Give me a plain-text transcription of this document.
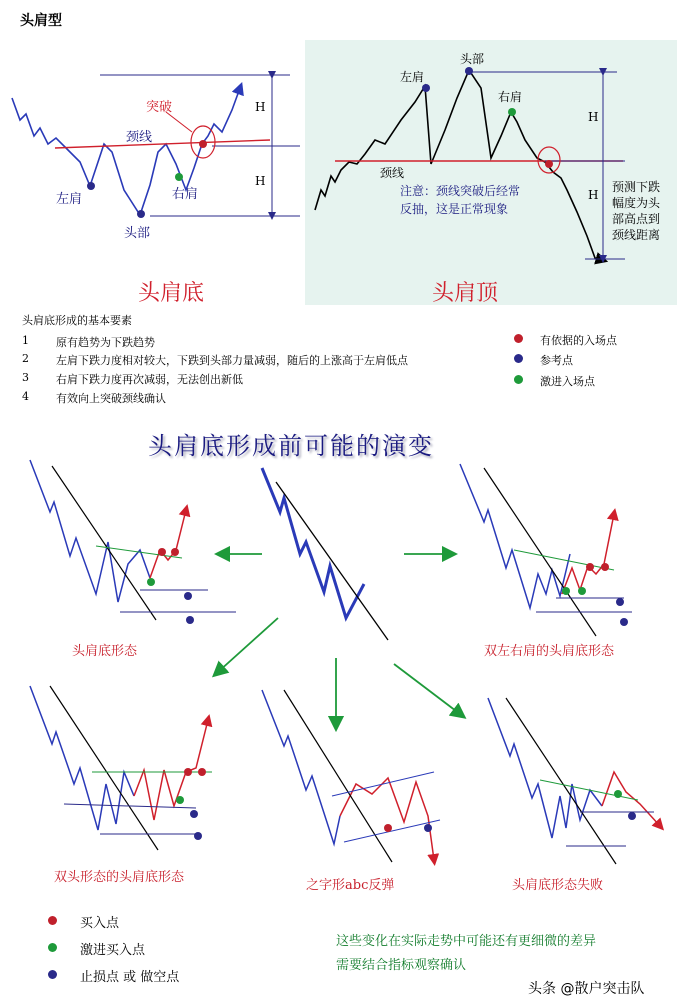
头肩型
突破
颈线
左肩
头部
右肩
H
H
头肩底
左肩
头部
右肩
颈线
注意：颈线突破后经常
反抽，这是正常现象
H
H
预测下跌
幅度为头
部高点到
颈线距离
头肩顶
头肩底形成的基本要素
1 原有趋势为下跌趋势
2 左肩下跌力度相对较大，下跌到头部力量减弱，随后的上涨高于左肩低点
3 右肩下跌力度再次减弱，无法创出新低
4 有效向上突破颈线确认
有依据的入场点
参考点
激进入场点
头肩底形成前可能的演变
头肩底形态	双左右肩的头肩底形态
双头形态的头肩底形态
之字形abc反弹	头肩底形态失败
买入点
激进买入点
止损点 或 做空点
这些变化在实际走势中可能还有更细微的差异
需要结合指标观察确认
头条 @散户突击队
